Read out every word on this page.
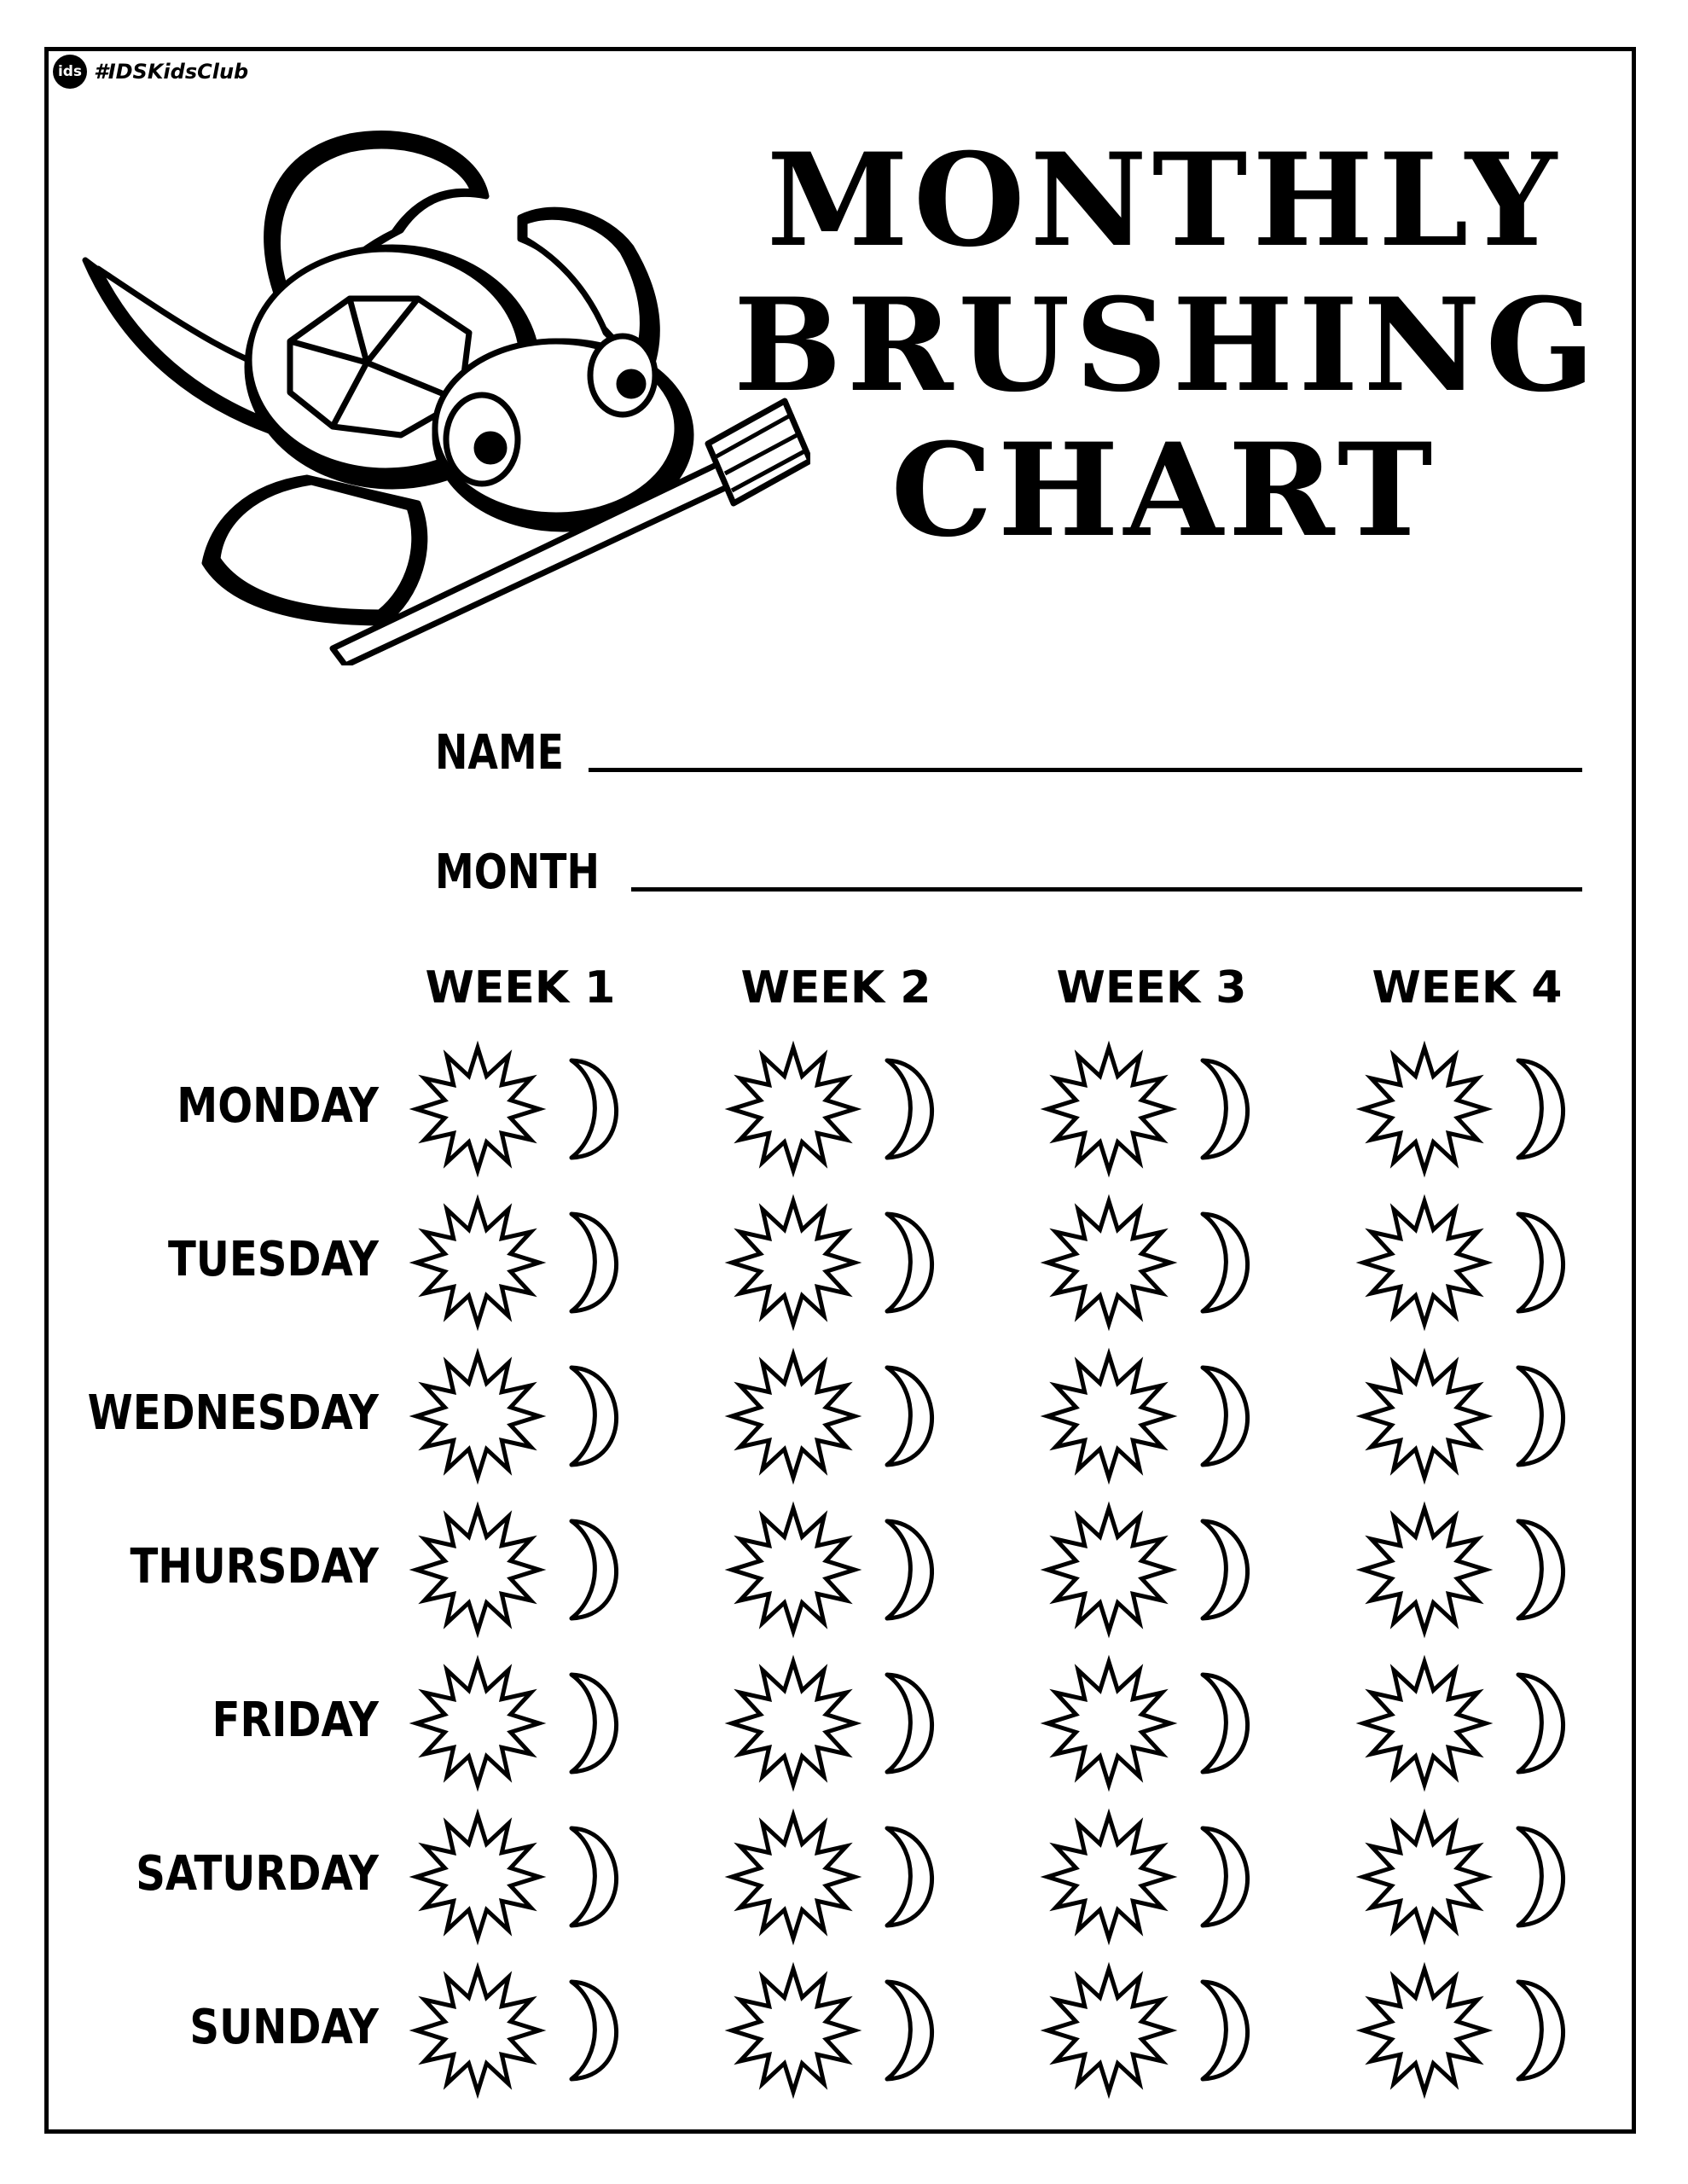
ids #IDSKidsClub
MONTHLY
BRUSHING
CHART
NAME
MONTH
WEEK 1	WEEK 2	WEEK 3	WEEK 4
MONDAY
TUESDAY
WEDNESDAY
THURSDAY
FRIDAY
SATURDAY
SUNDAY
